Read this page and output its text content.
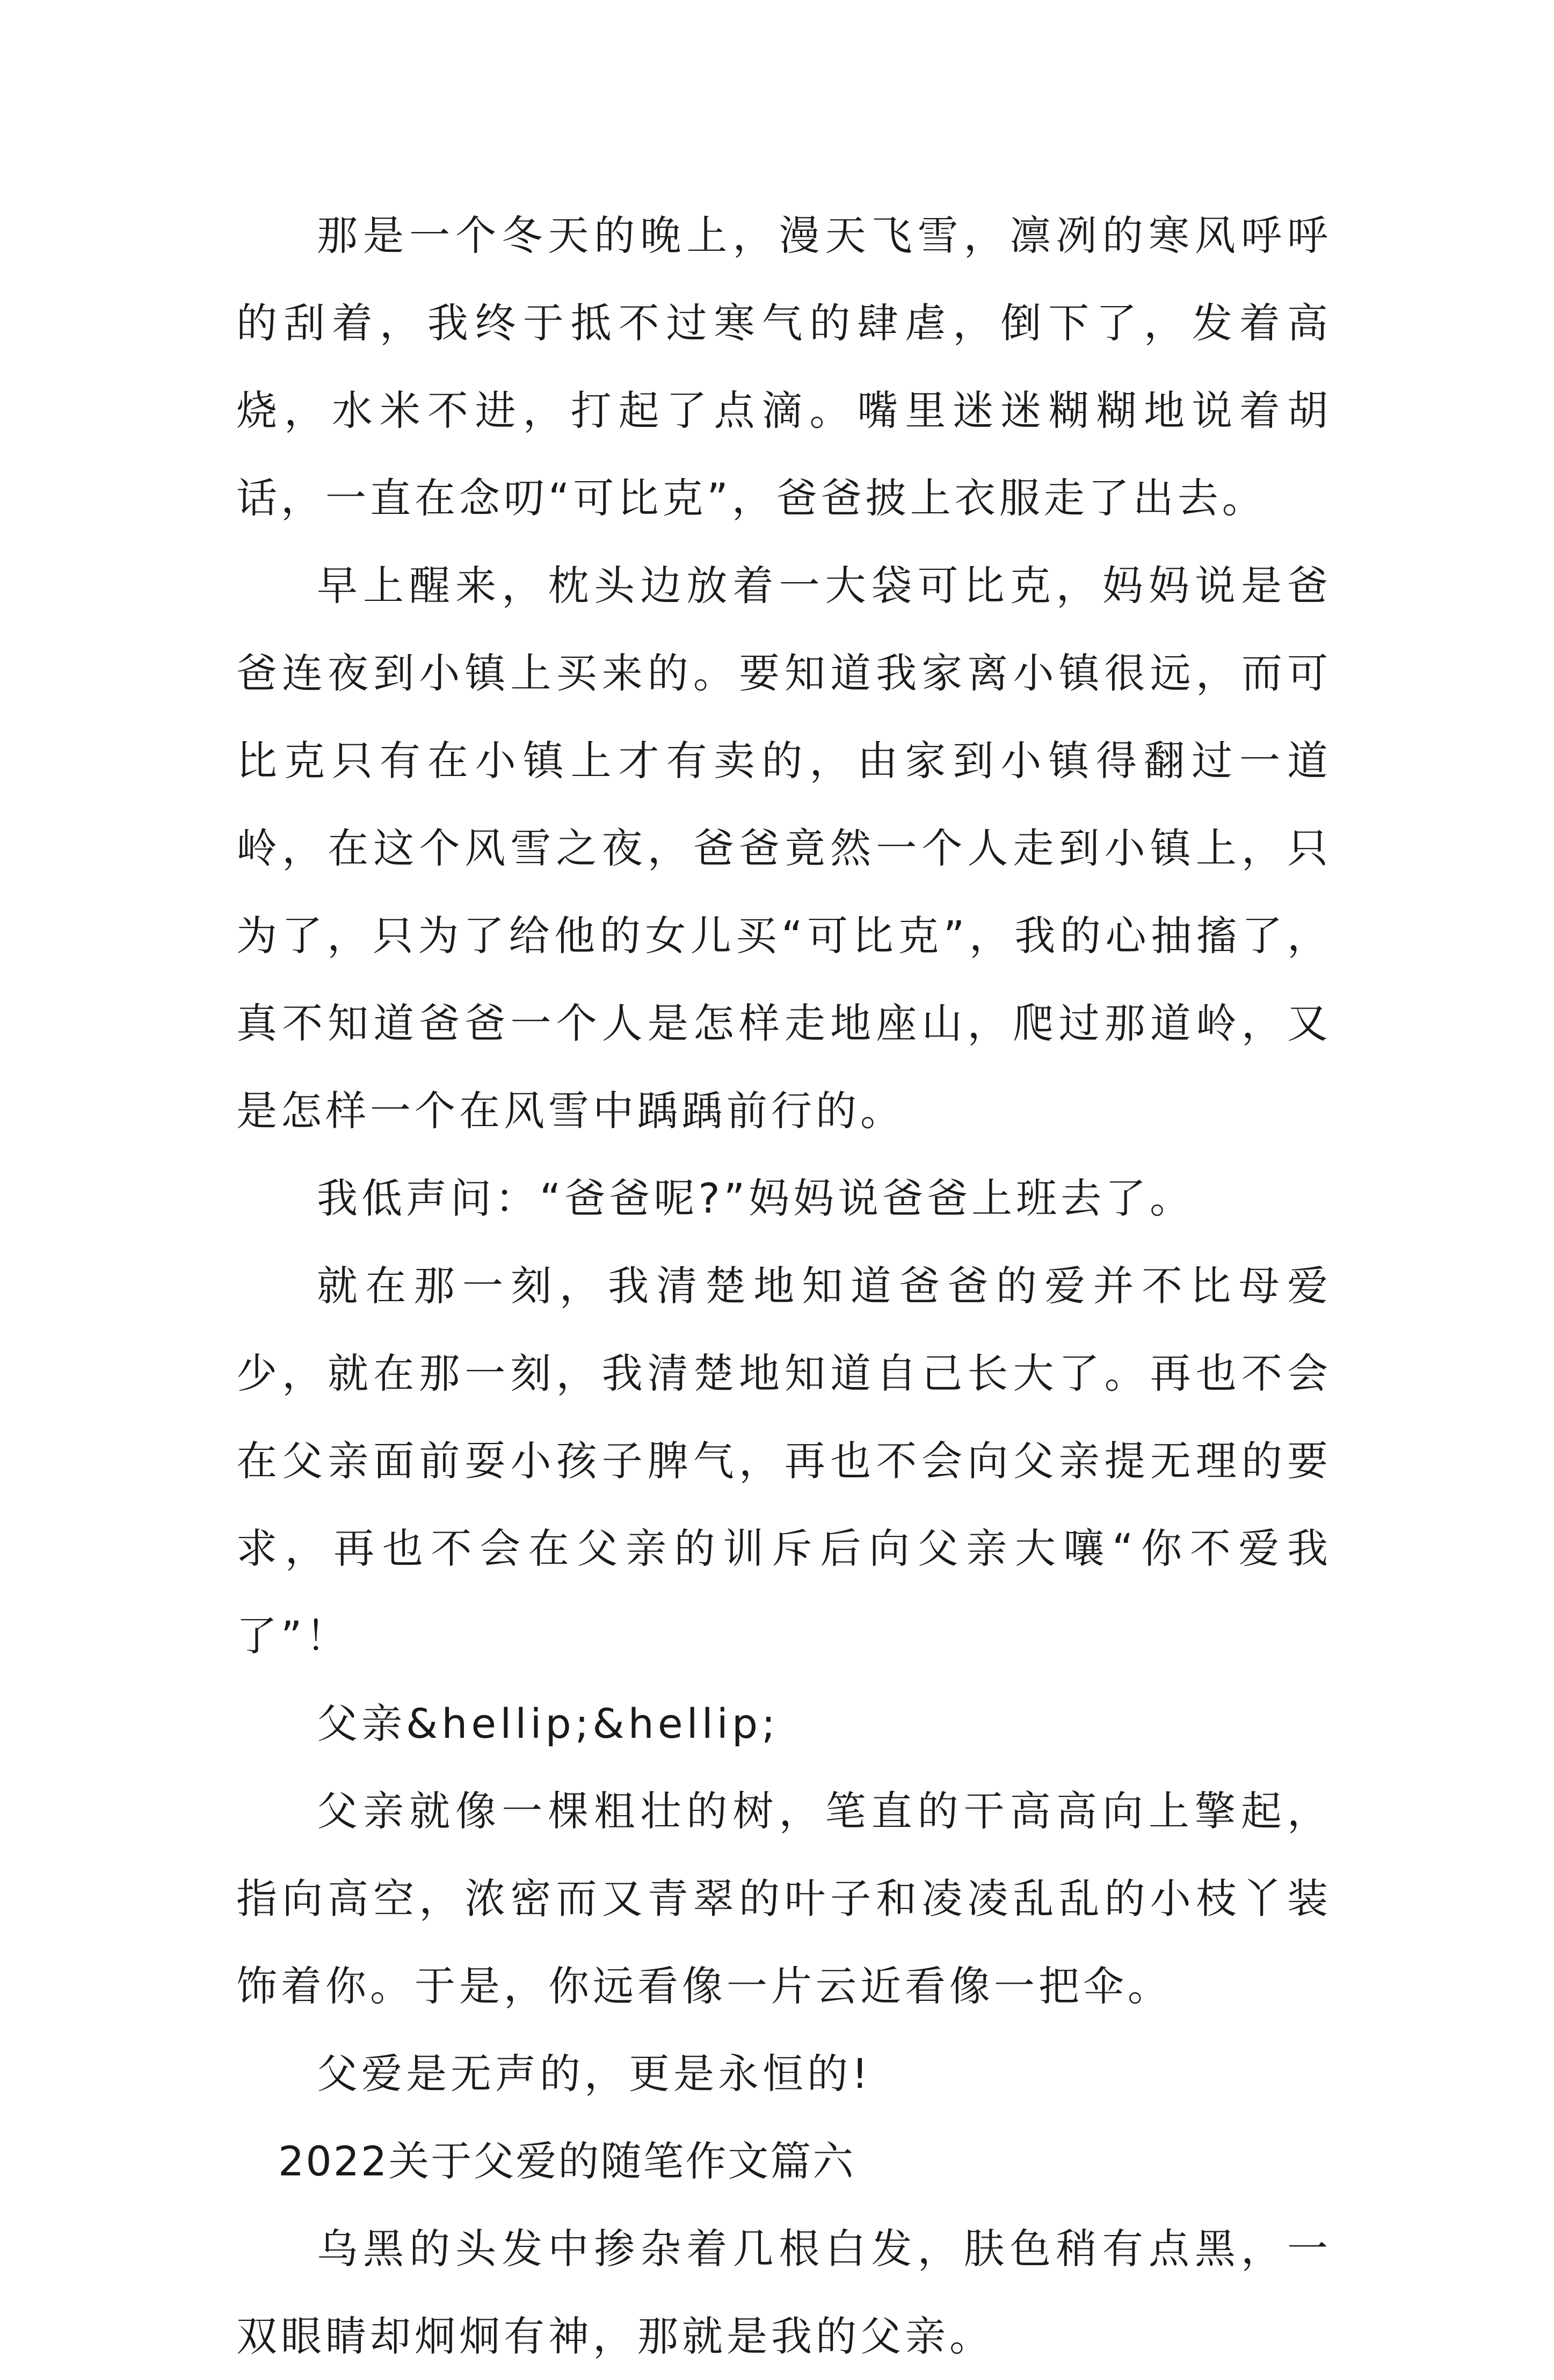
那是一个冬天的晚上，漫天飞雪，凛冽的寒风呼呼的刮着，我终于抵不过寒气的肆虐，倒下了，发着高烧，水米不进，打起了点滴。嘴里迷迷糊糊地说着胡话，一直在念叨“可比克”，爸爸披上衣服走了出去。

早上醒来，枕头边放着一大袋可比克，妈妈说是爸爸连夜到小镇上买来的。要知道我家离小镇很远，而可比克只有在小镇上才有卖的，由家到小镇得翻过一道岭，在这个风雪之夜，爸爸竟然一个人走到小镇上，只为了，只为了给他的女儿买“可比克”，我的心抽搐了，真不知道爸爸一个人是怎样走地座山，爬过那道岭，又是怎样一个在风雪中踽踽前行的。

我低声问：“爸爸呢?”妈妈说爸爸上班去了。

就在那一刻，我清楚地知道爸爸的爱并不比母爱少，就在那一刻，我清楚地知道自己长大了。再也不会在父亲面前耍小孩子脾气，再也不会向父亲提无理的要求，再也不会在父亲的训斥后向父亲大嚷“你不爱我了”！

父亲&hellip;&hellip;

父亲就像一棵粗壮的树，笔直的干高高向上擎起，指向高空，浓密而又青翠的叶子和凌凌乱乱的小枝丫装饰着你。于是，你远看像一片云近看像一把伞。

父爱是无声的，更是永恒的!

2022关于父爱的随笔作文篇六

乌黑的头发中掺杂着几根白发，肤色稍有点黑，一双眼睛却炯炯有神，那就是我的父亲。
